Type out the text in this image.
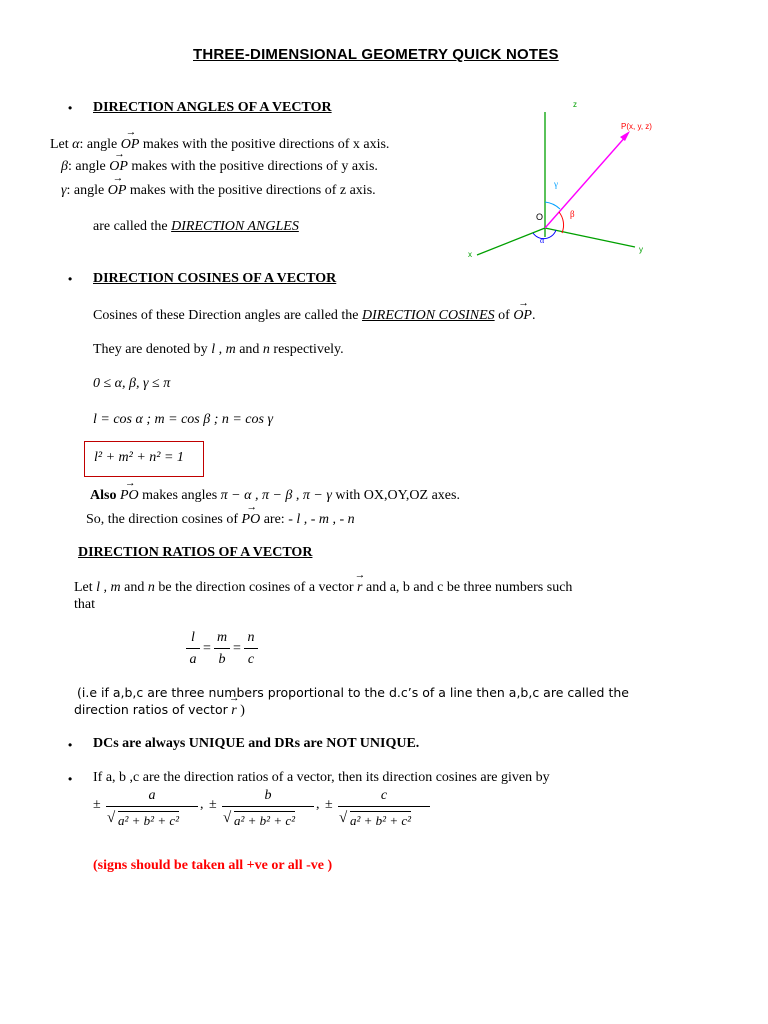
THREE-DIMENSIONAL GEOMETRY QUICK NOTES
• DIRECTION ANGLES OF A VECTOR
Let α: angle OP → makes with the positive directions of x axis.
β: angle OP → makes with the positive directions of y axis.
γ: angle OP → makes with the positive directions of z axis.
are called the DIRECTION ANGLES
z
x
y
P(x, y, z)
O
γ
β
α
• DIRECTION COSINES OF A VECTOR
Cosines of these Direction angles are called the DIRECTION COSINES of OP →.
They are denoted by l , m and n respectively.
0 ≤ α, β, γ ≤ π
l = cos α ; m = cos β ; n = cos γ
l² + m² + n² = 1
Also PO → makes angles π − α , π − β , π − γ with OX,OY,OZ axes.
So, the direction cosines of PO → are: - l , - m , - n
DIRECTION RATIOS OF A VECTOR
Let l , m and n be the direction cosines of a vector r → and a, b and c be three numbers such
that
l
a
=
m
b
=
n
c
(i.e if a,b,c are three numbers proportional to the d.c’s of a line then a,b,c are called the
direction ratios of vector r → )
• DCs are always UNIQUE and DRs are NOT UNIQUE.
• If a, b ,c are the direction ratios of a vector, then its direction cosines are given by
±
a
√ a² + b² + c²
, ±
b
√ a² + b² + c²
, ±
c
√ a² + b² + c²
(signs should be taken all +ve or all -ve )
